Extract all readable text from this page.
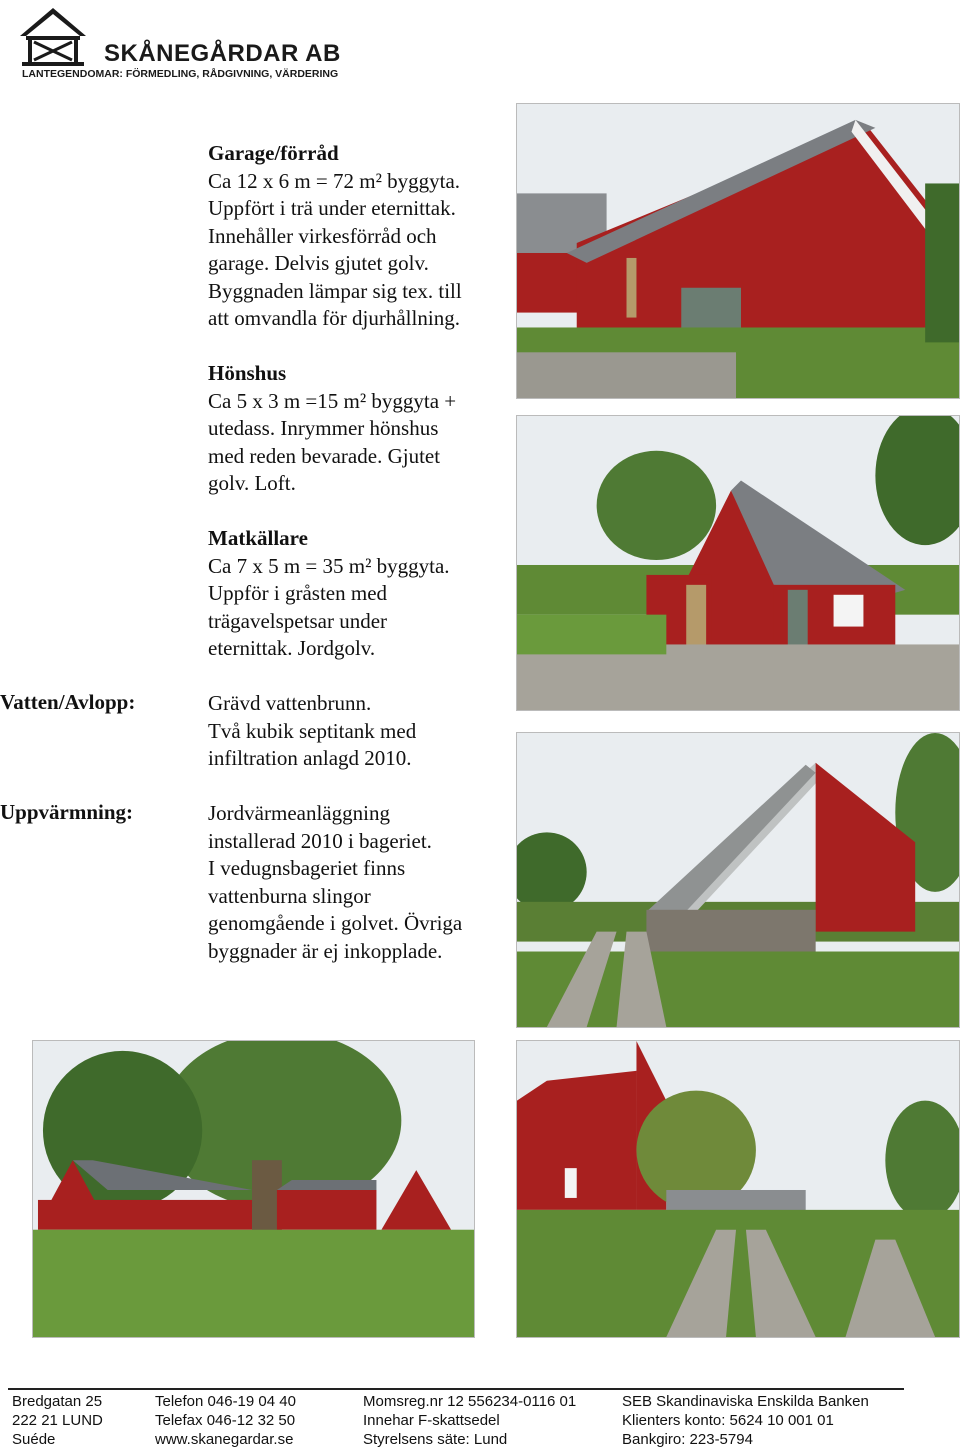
SKÅNEGÅRDAR AB
LANTEGENDOMAR: FÖRMEDLING, RÅDGIVNING, VÄRDERING
Garage/förråd
Ca 12 x 6 m = 72 m² byggyta.
Uppfört i trä under eternittak.
Innehåller virkesförråd och
garage. Delvis gjutet golv.
Byggnaden lämpar sig tex. till
att omvandla för djurhållning.
Hönshus
Ca 5 x 3 m =15 m² byggyta +
utedass. Inrymmer hönshus
med reden bevarade. Gjutet
golv. Loft.
Matkällare
Ca 7 x 5 m = 35 m² byggyta.
Uppför i gråsten med
trägavelspetsar under
eternittak. Jordgolv.
Vatten/Avlopp:	Grävd vattenbrunn.
Två kubik septitank med
infiltration anlagd 2010.
Uppvärmning:	Jordvärmeanläggning
installerad 2010 i bageriet.
I vedugnsbageriet finns
vattenburna slingor
genomgående i golvet. Övriga
byggnader är ej inkopplade.
Bredgatan 25
222 21 LUND
Suéde
Telefon 046-19 04 40
Telefax 046-12 32 50
www.skanegardar.se
Momsreg.nr 12 556234-0116 01
Innehar F-skattsedel
Styrelsens säte: Lund
SEB Skandinaviska Enskilda Banken
Klienters konto: 5624 10 001 01
Bankgiro: 223-5794
